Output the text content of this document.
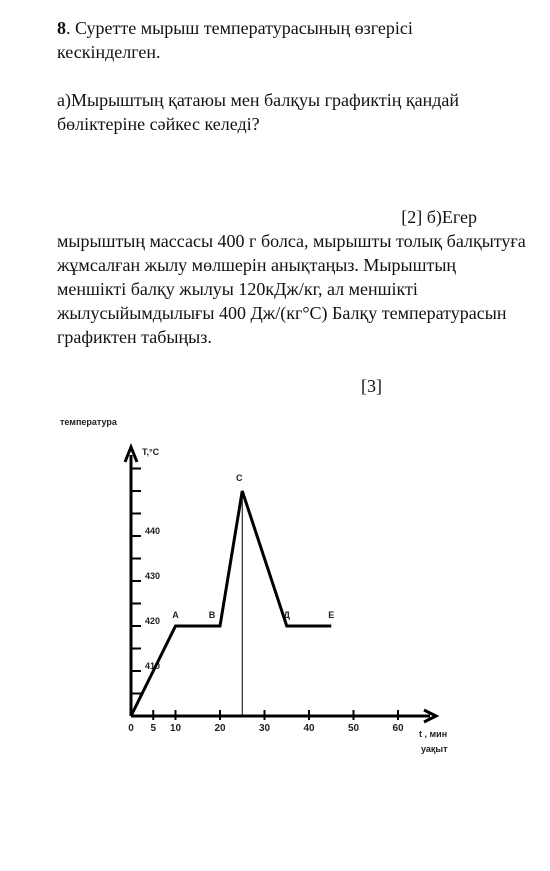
8. Суретте мырыш температурасының өзгерісі кескінделген.
а)Мырыштың қатаюы мен балқуы графиктің қандай бөліктеріне сәйкес келеді?
[2] б)Егер
мырыштың массасы 400 г болса, мырышты толық балқытуға жұмсалған жылу мөлшерін анықтаңыз. Мырыштың меншікті балқу жылуы 120кДж/кг, ал меншікті жылусыйымдылығы 400 Дж/(кг°С) Балқу температурасын графиктен табыңыз.
[3]
0 5 10	20	30	40	50	60
410
420
430
440
температура
T,°C
t , мин
уақыт
A	B
C
Д	E
